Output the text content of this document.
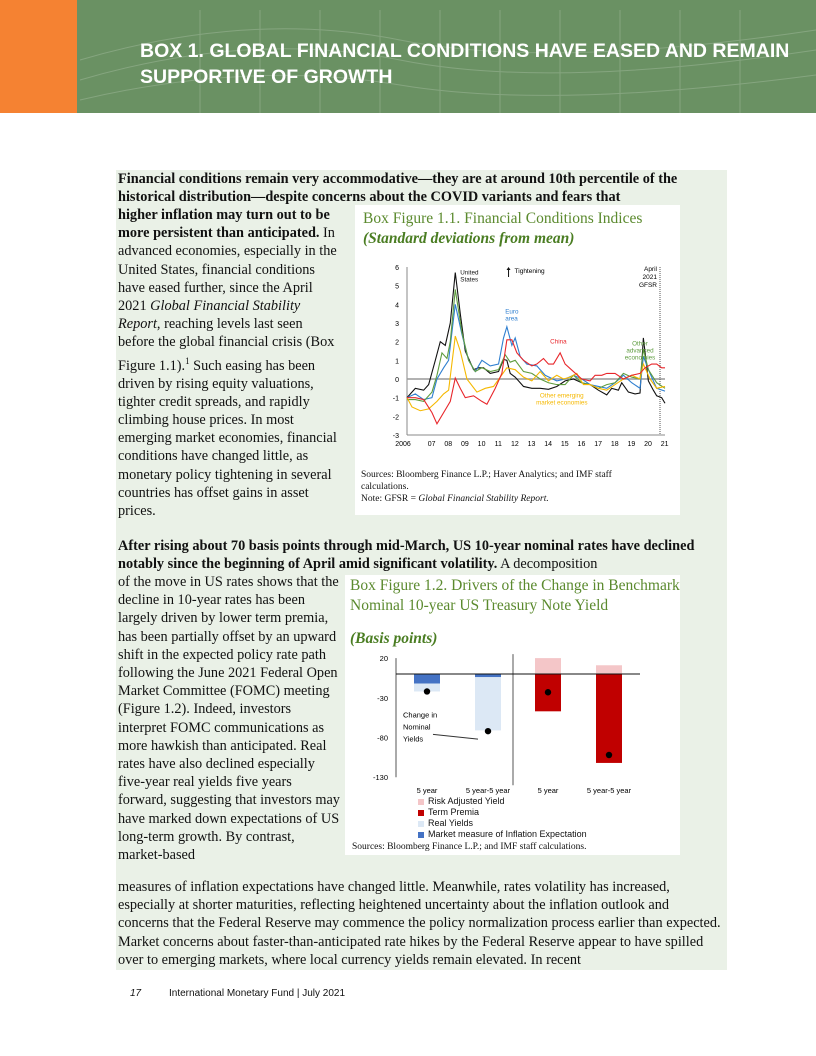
BOX 1. GLOBAL FINANCIAL CONDITIONS HAVE EASED AND REMAIN SUPPORTIVE OF GROWTH
Financial conditions remain very accommodative—they are at around 10th percentile of the historical distribution—despite concerns about the COVID variants and fears that
higher inflation may turn out to be more persistent than anticipated. In advanced economies, especially in the United States, financial conditions have eased further, since the April 2021 Global Financial Stability Report, reaching levels last seen before the global financial crisis (Box Figure 1.1).$^1$ Such easing has been driven by rising equity valuations, tighter credit spreads, and rapidly climbing house prices. In most emerging market economies, financial conditions have changed little, as monetary policy tightening in several countries has offset gains in asset prices.
Box Figure 1.1. Financial Conditions Indices
(Standard deviations from mean)
6
5
4
3
2
1
0
-1
-2
-3
2006 07 08 09 10 11 12 13 14 15 16 17 18 19 20 21
April
2021
GFSR
Tightening
United
States
Euro
area
Other
advanced
economies
Other emerging
market economies
China
Sources: Bloomberg Finance L.P.; Haver Analytics; and IMF staff calculations.
Note: GFSR = Global Financial Stability Report.
After rising about 70 basis points through mid-March, US 10-year nominal rates have declined notably since the beginning of April amid significant volatility. A decomposition
of the move in US rates shows that the decline in 10-year rates has been largely driven by lower term premia, has been partially offset by an upward shift in the expected policy rate path following the June 2021 Federal Open Market Committee (FOMC) meeting (Figure 1.2). Indeed, investors interpret FOMC communications as more hawkish than anticipated. Real rates have also declined especially five-year real yields five years forward, suggesting that investors may have marked down expectations of US long-term growth. By contrast, market-based
Box Figure 1.2. Drivers of the Change in Benchmark Nominal 10-year US Treasury Note Yield
(Basis points)
20
-30
-80
-130
5 year	5 year-5 year	5 year	5 year-5 year
Change in
Nominal
Yields
Risk Adjusted Yield
Term Premia
Real Yields
Market measure of Inflation Expectation
Sources: Bloomberg Finance L.P.; and IMF staff calculations.
measures of inflation expectations have changed little. Meanwhile, rates volatility has increased, especially at shorter maturities, reflecting heightened uncertainty about the inflation outlook and concerns that the Federal Reserve may commence the policy normalization process earlier than expected. Market concerns about faster-than-anticipated rate hikes by the Federal Reserve appear to have spilled over to emerging markets, where local currency yields remain elevated. In recent
17	International Monetary Fund | July 2021
